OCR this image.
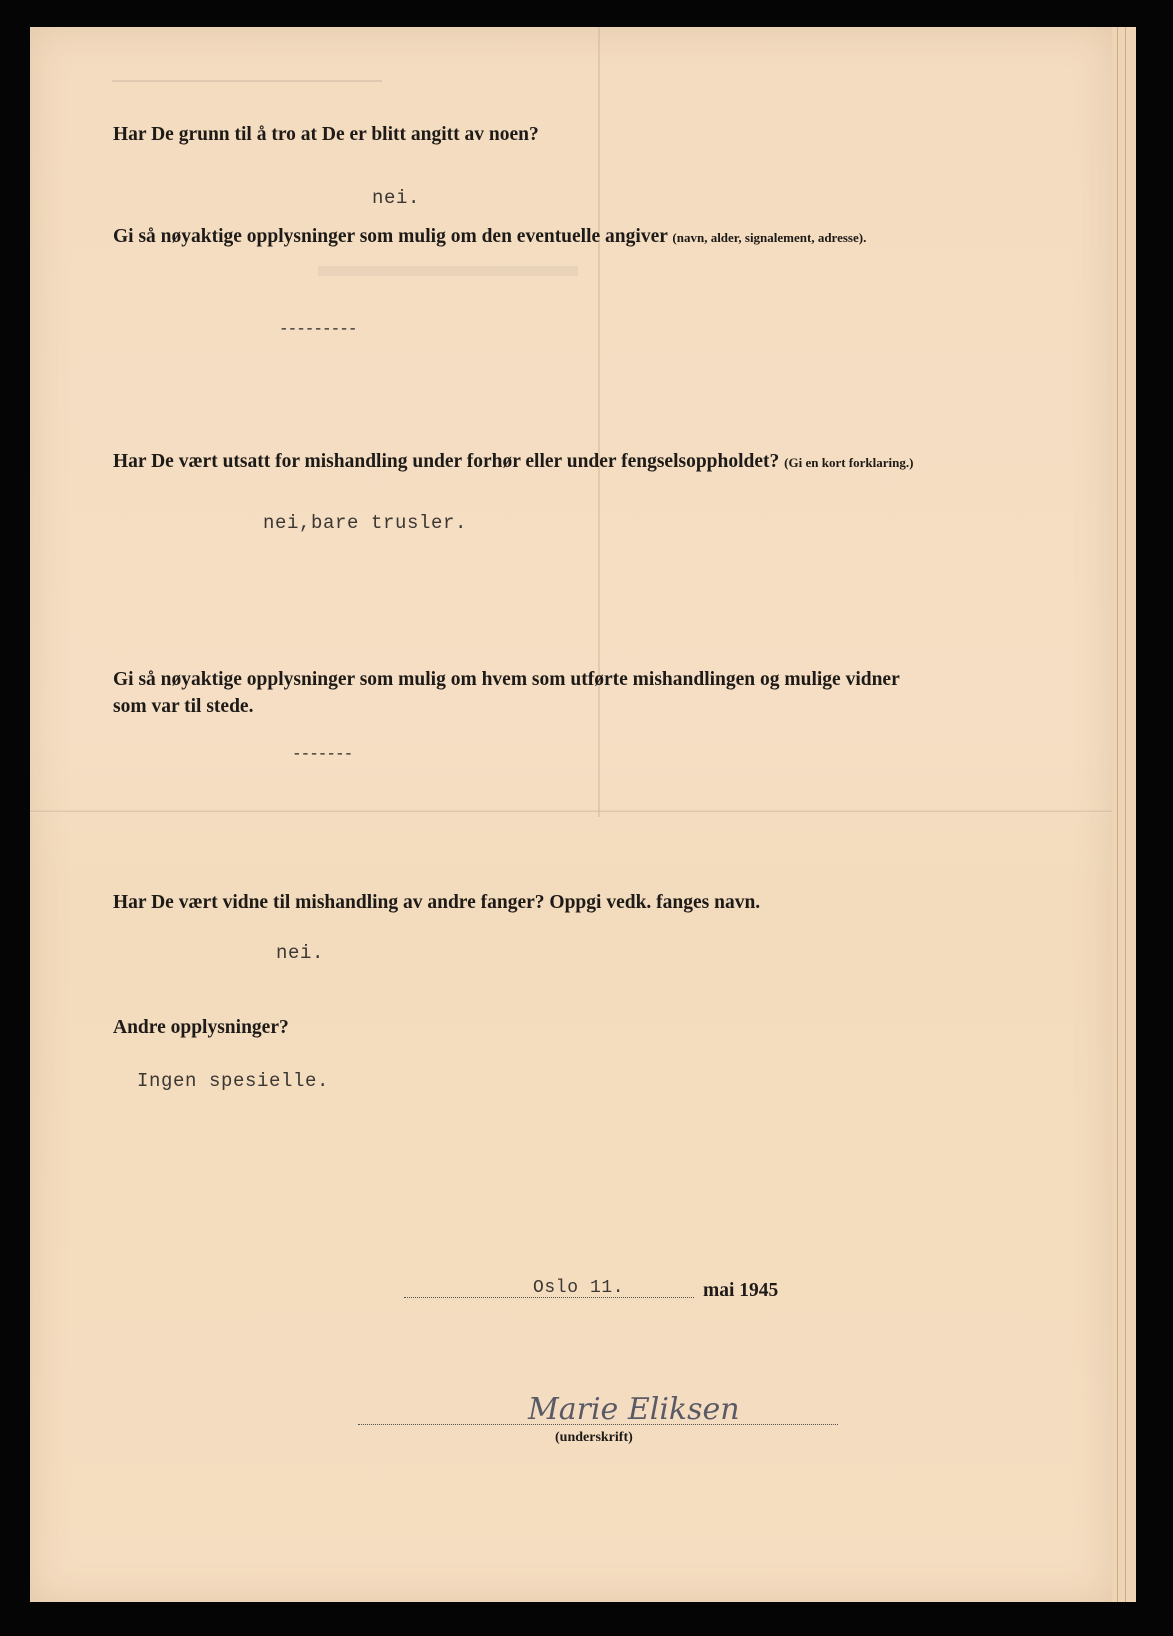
Har De grunn til å tro at De er blitt angitt av noen?
nei.
Gi så nøyaktige opplysninger som mulig om den eventuelle angiver (navn, alder, signalement, adresse).
---------
Har De vært utsatt for mishandling under forhør eller under fengselsoppholdet? (Gi en kort forklaring.)
nei,bare trusler.
Gi så nøyaktige opplysninger som mulig om hvem som utførte mishandlingen og mulige vidner
som var til stede.
-------
Har De vært vidne til mishandling av andre fanger? Oppgi vedk. fanges navn.
nei.
Andre opplysninger?
Ingen spesielle.
Oslo 11.	mai 1945
Marie Eliksen
(underskrift)
